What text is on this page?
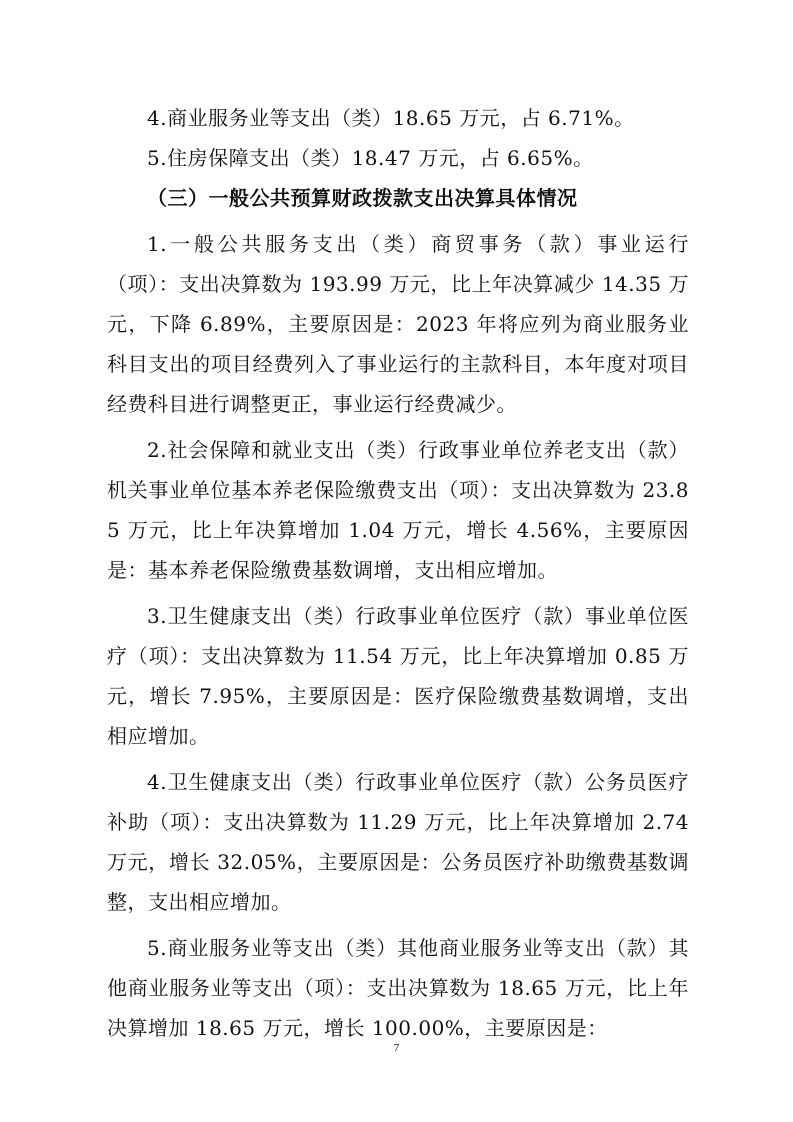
4.商业服务业等支出（类）18.65 万元，占 6.71%。

5.住房保障支出（类）18.47 万元，占 6.65%。

（三）一般公共预算财政拨款支出决算具体情况

1.一般公共服务支出（类）商贸事务（款）事业运行（项）：支出决算数为 193.99 万元，比上年决算减少 14.35 万元，下降 6.89%，主要原因是：2023 年将应列为商业服务业科目支出的项目经费列入了事业运行的主款科目，本年度对项目经费科目进行调整更正，事业运行经费减少。

2.社会保障和就业支出（类）行政事业单位养老支出（款）机关事业单位基本养老保险缴费支出（项）：支出决算数为 23.85 万元，比上年决算增加 1.04 万元，增长 4.56%，主要原因是：基本养老保险缴费基数调增，支出相应增加。

3.卫生健康支出（类）行政事业单位医疗（款）事业单位医疗（项）：支出决算数为 11.54 万元，比上年决算增加 0.85 万元，增长 7.95%，主要原因是：医疗保险缴费基数调增，支出相应增加。

4.卫生健康支出（类）行政事业单位医疗（款）公务员医疗补助（项）：支出决算数为 11.29 万元，比上年决算增加 2.74 万元，增长 32.05%，主要原因是：公务员医疗补助缴费基数调整，支出相应增加。

5.商业服务业等支出（类）其他商业服务业等支出（款）其他商业服务业等支出（项）：支出决算数为 18.65 万元，比上年决算增加 18.65 万元，增长 100.00%，主要原因是：

7
